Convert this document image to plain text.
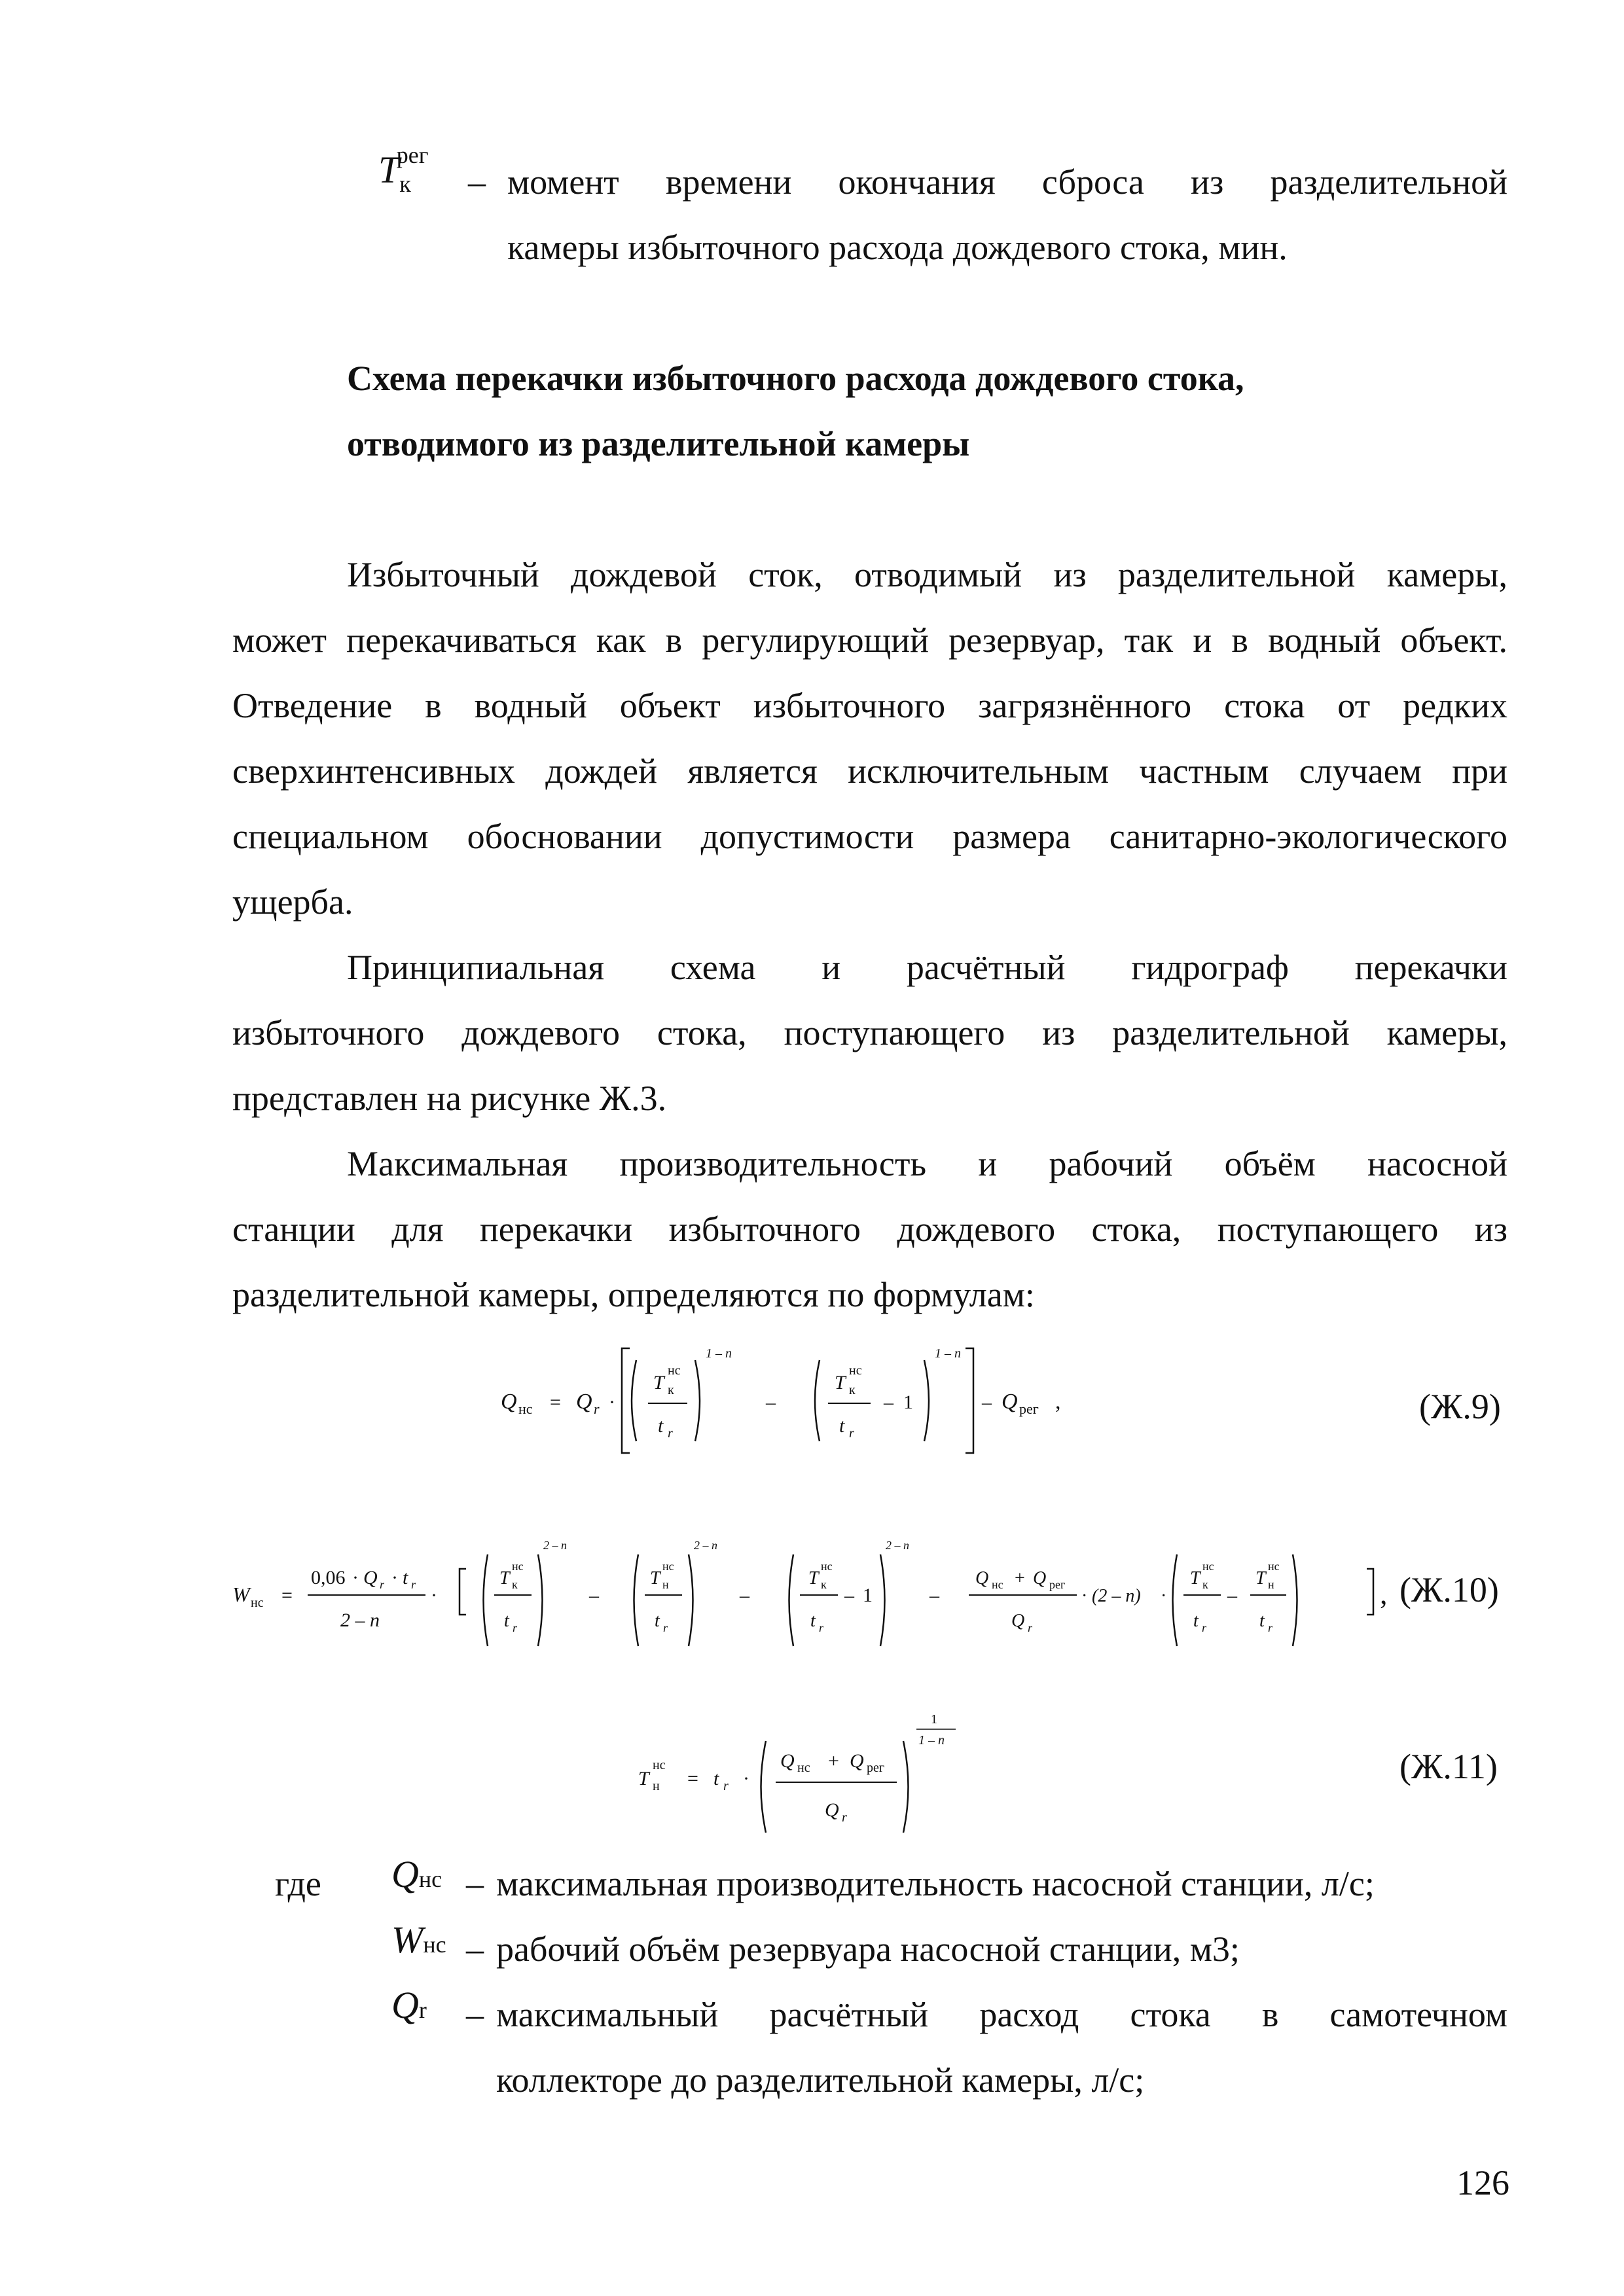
Tкрег
– момент времени окончания сброса из разделительной
камеры избыточного расхода дождевого стока, мин.
Схема перекачки избыточного расхода дождевого стока,
отводимого из разделительной камеры
Избыточный дождевой сток, отводимый из разделительной камеры,
может перекачиваться как в регулирующий резервуар, так и в водный объект.
Отведение в водный объект избыточного загрязнённого стока от редких
сверхинтенсивных дождей является исключительным частным случаем при
специальном обосновании допустимости размера санитарно-экологического
ущерба.
Принципиальная схема и расчётный гидрограф перекачки
избыточного дождевого стока, поступающего из разделительной камеры,
представлен на рисунке Ж.3.
Максимальная производительность и рабочий объём насосной
станции для перекачки избыточного дождевого стока, поступающего из
разделительной камеры, определяются по формулам:
Q нс = Q r ·
T к
нс
t r
1 – n
–
T к
нс
t r
– 1
1 – n
– Q рег ,	(Ж.9)
W нс =
0,06 · Q r · t r
2 – n
·
T к
нс
t r
2 – n
–
T н
нс
t r
2 – n
–
T к
нс
t r
– 1
2 – n
–
Q нс + Q рег
Q r
· (2 – n) ·
T к
нс
t r
–
T н
нс
t r
, (Ж.10)
T н
нс
= t r ·
Q нс + Q рег
Q r
1
1 – n
(Ж.11)
где Qнс – максимальная производительность насосной станции, л/с;
Wнс – рабочий объём резервуара насосной станции, м3;
Qr – максимальный расчётный расход стока в самотечном
коллекторе до разделительной камеры, л/с;
126
